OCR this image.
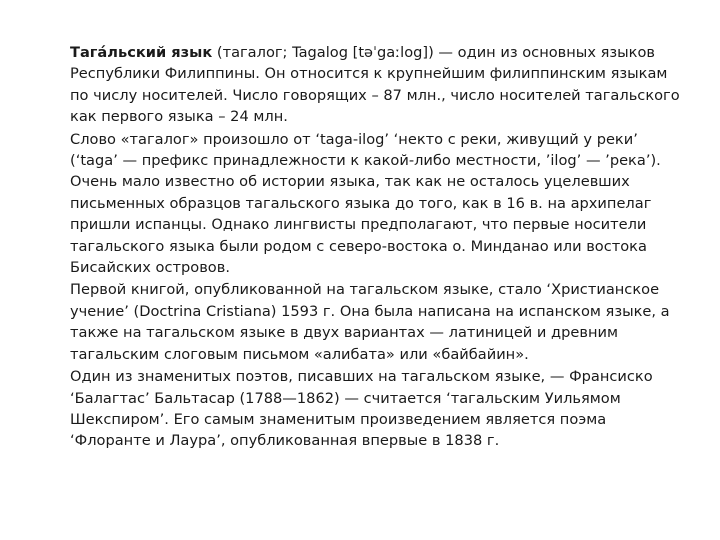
Тагáльский язык (тагалог; Tagalog [təˈgaːlog]) — один из основных языков Республики Филиппины. Он относится к крупнейшим филиппинским языкам по числу носителей. Число говорящих – 87 млн., число носителей тагальского как первого языка – 24 млн.

Слово «тагалог» произошло от ‘taga-ilog’ ‘некто с реки, живущий у реки’ (‘taga’ — префикс принадлежности к какой-либо местности, ’ilog’ — ’река’). Очень мало известно об истории языка, так как не осталось уцелевших письменных образцов тагальского языка до того, как в 16 в. на архипелаг пришли испанцы. Однако лингвисты предполагают, что первые носители тагальского языка были родом с северо-востока о. Минданао или востока Бисайских островов.

Первой книгой, опубликованной на тагальском языке, стало ‘Христианское учение’ (Doctrina Cristiana) 1593 г. Она была написана на испанском языке, а также на тагальском языке в двух вариантах — латиницей и древним тагальским слоговым письмом «алибата» или «байбайин».

Один из знаменитых поэтов, писавших на тагальском языке, — Франсиско ‘Балагтас’ Бальтасар (1788—1862) — считается ‘тагальским Уильямом Шекспиром’. Его самым знаменитым произведением является поэма ‘Флоранте и Лаура’, опубликованная впервые в 1838 г.
